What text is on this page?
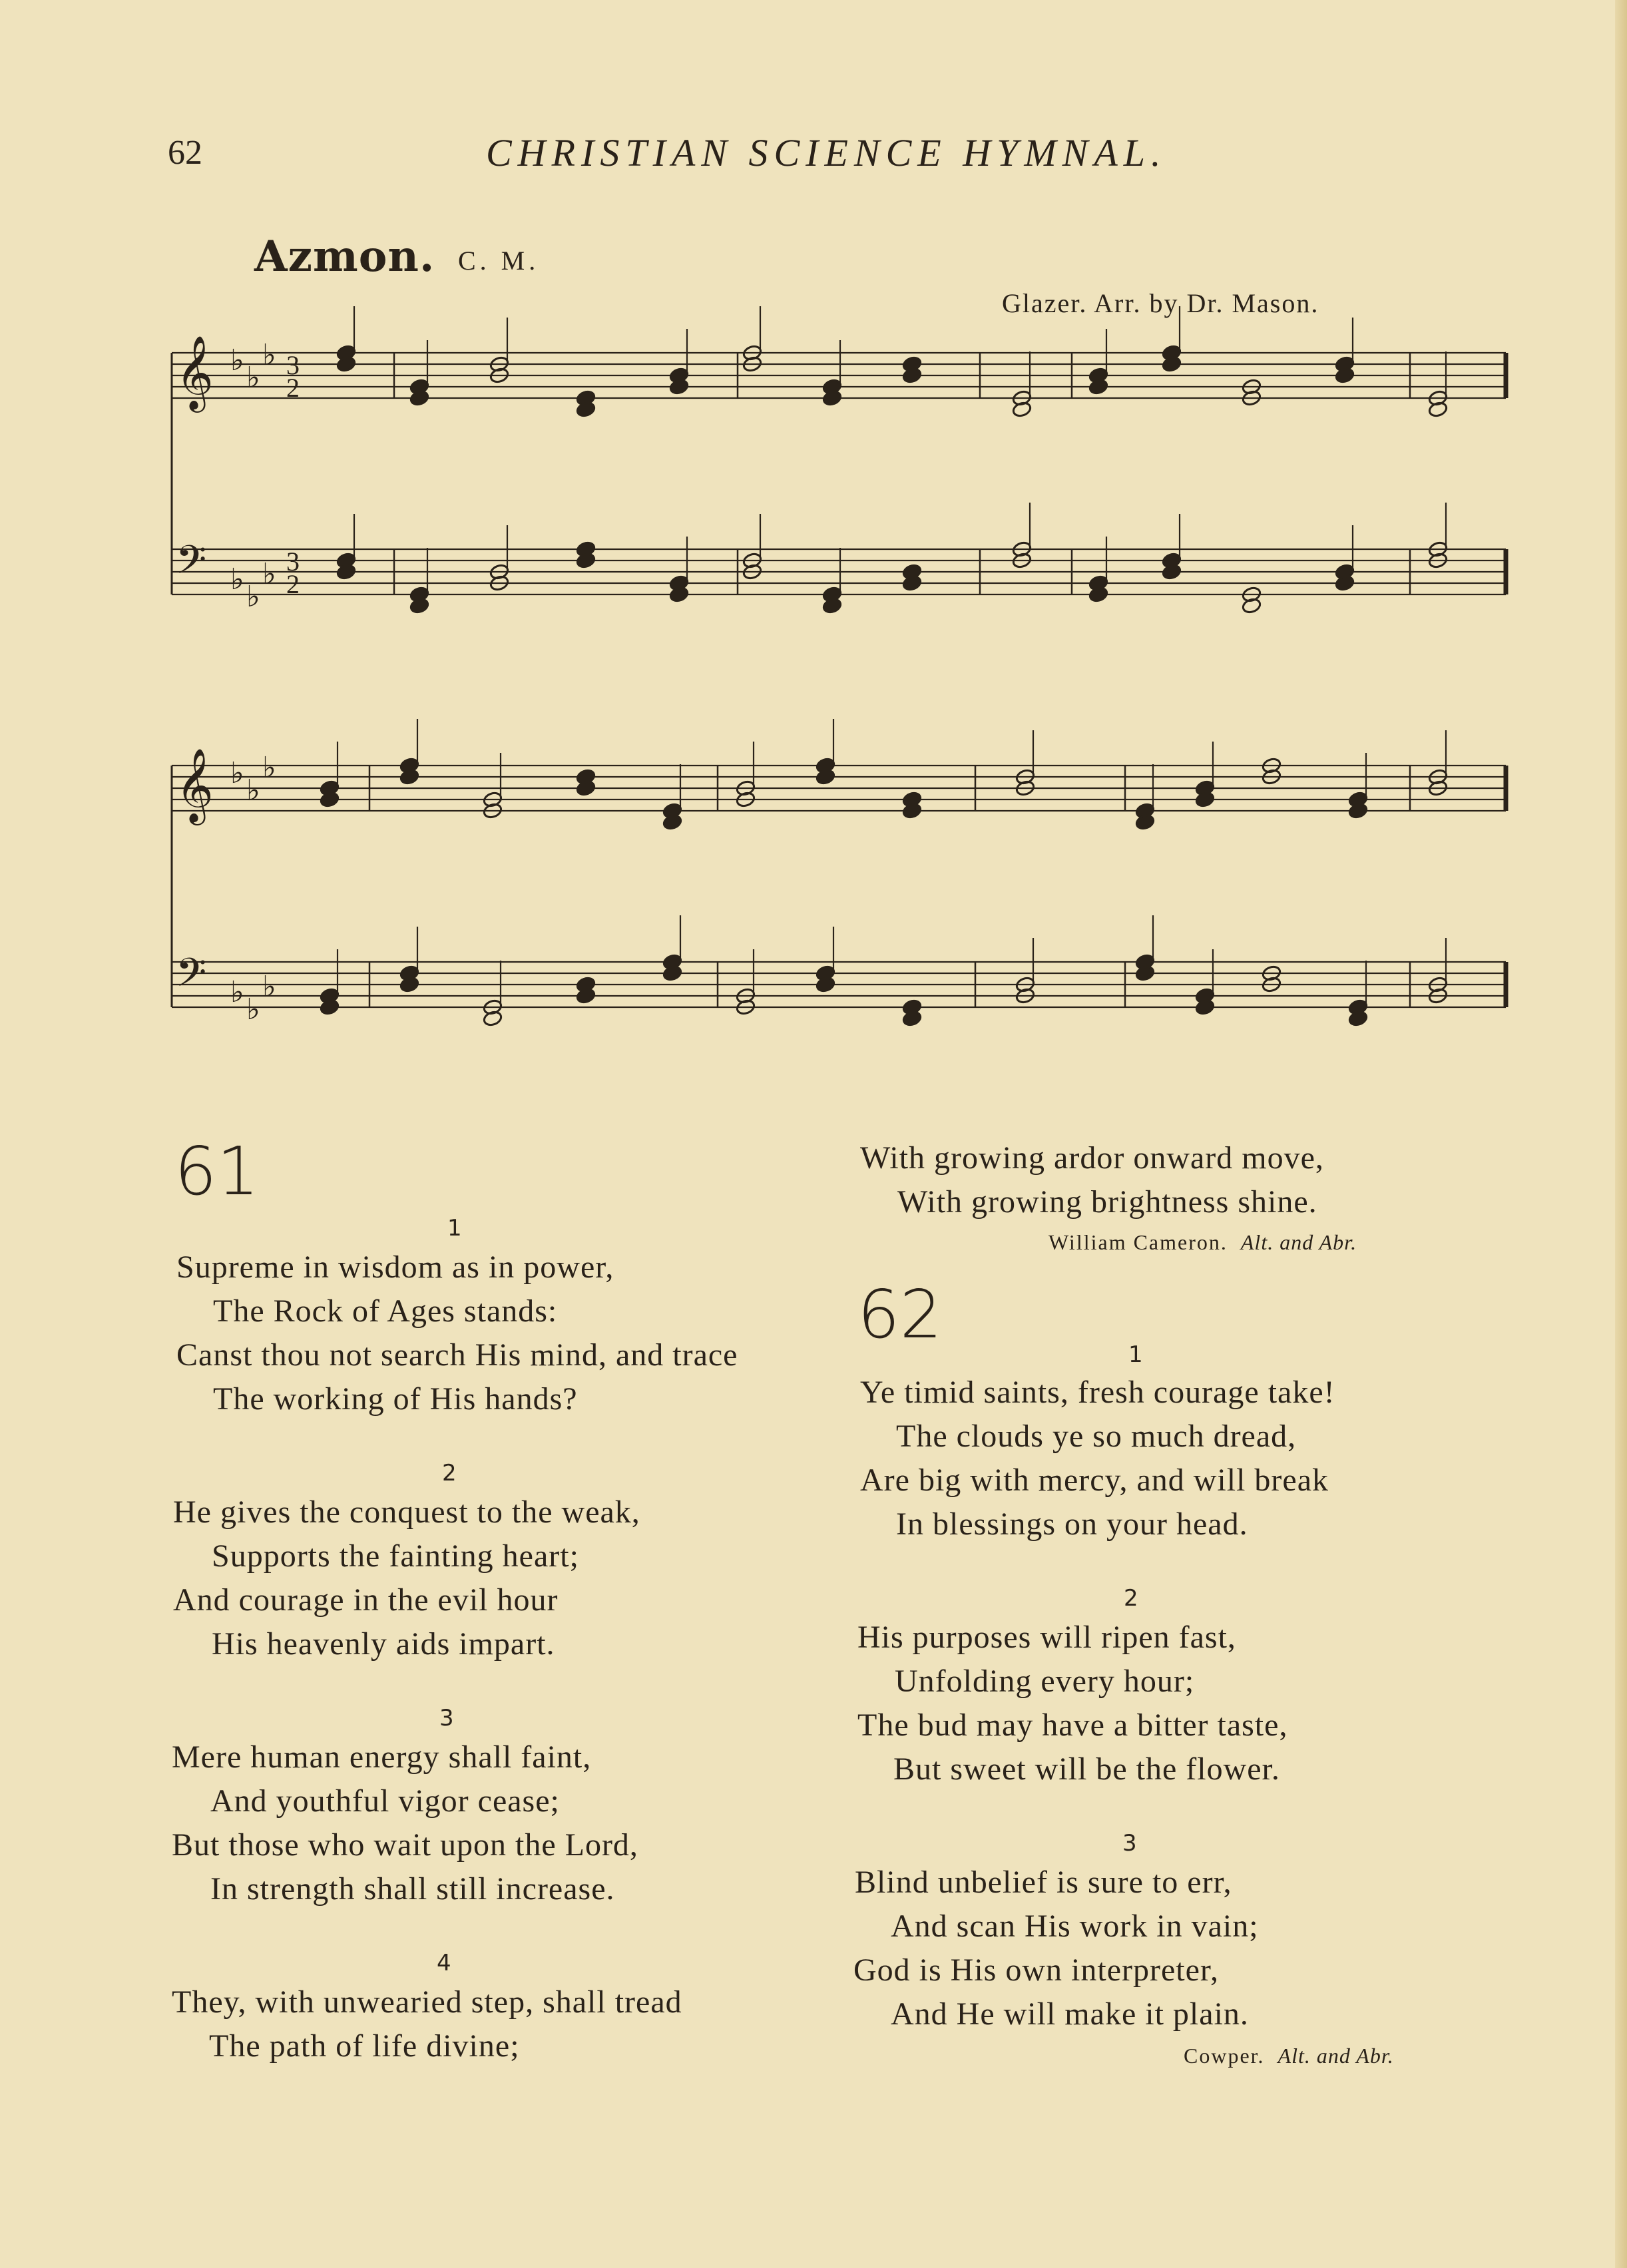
62	CHRISTIAN SCIENCE HYMNAL.
Azmon. C. M.
Glazer. Arr. by Dr. Mason.
𝄞 ♭
♭
♭ 3
2
𝄢 ♭
♭
♭ 3
2
𝄞 ♭
♭
♭
𝄢 ♭
♭
♭
61
1
Supreme in wisdom as in power,
The Rock of Ages stands:
Canst thou not search His mind, and trace
The working of His hands?
2
He gives the conquest to the weak,
Supports the fainting heart;
And courage in the evil hour
His heavenly aids impart.
3
Mere human energy shall faint,
And youthful vigor cease;
But those who wait upon the Lord,
In strength shall still increase.
4
They, with unwearied step, shall tread
The path of life divine;
With growing ardor onward move,
With growing brightness shine.
William Cameron. Alt. and Abr.
62
1
Ye timid saints, fresh courage take!
The clouds ye so much dread,
Are big with mercy, and will break
In blessings on your head.
2
His purposes will ripen fast,
Unfolding every hour;
The bud may have a bitter taste,
But sweet will be the flower.
3
Blind unbelief is sure to err,
And scan His work in vain;
God is His own interpreter,
And He will make it plain.
Cowper. Alt. and Abr.
